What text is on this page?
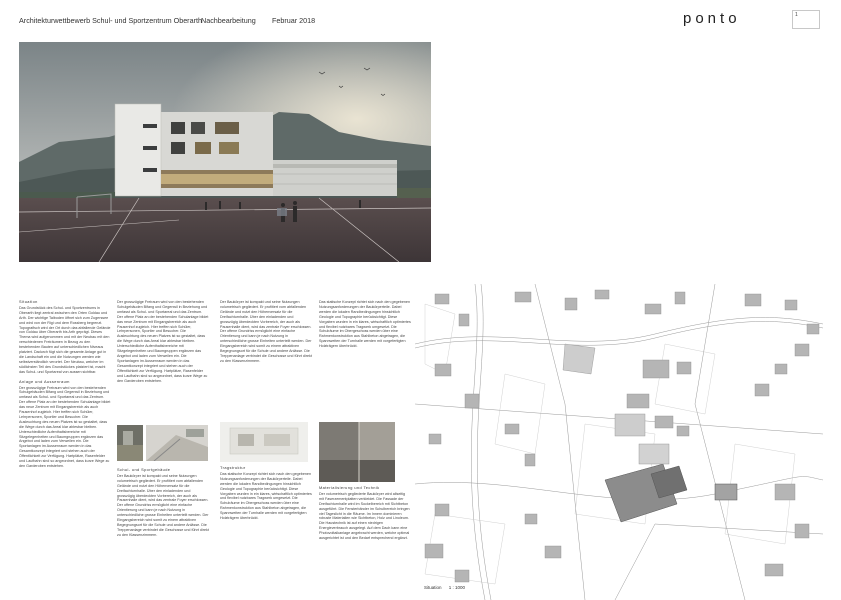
Architekturwettbewerb Schul- und Sportzentrum Oberarth Nachbearbeitung Februar 2018	ponto	1
Situation

Das Grundstück des Schul- und Sportzentrums in Oberarth liegt zentral zwischen den Orten Goldau und Arth. Der wichtige Talboden öffnet sich zum Zugerssee und wird von der Rigi und dem Rossberg begrenzt. Topografisch wird der Ort durch das abfallende Gelände von Goldau über Oberarth bis Arth geprägt. Dieses Thema wird aufgenommen und mit der Neubau mit den verschiedenen Freiräumen in Bezug zu den bestehenden Bauten auf unterschiedlichen Niveaus platziert. Dadurch fügt sich die gesamte Anlage gut in die Landschaft ein und die Nutzungen werden wie selbstverständlich verortet. Der Neubau, welcher im südlichsten Teil des Grundstückes platziert ist, macht das Schul- und Sportareal von aussen sichtbar.

Anlage und Aussenraum

Der grosszügige Freiraum wird von den bestehenden Schulgebäuden Bifang und Gegenwil in Beziehung und umfasst als Schul- und Sportareal und das Zentrum. Der offene Platz an der bestehenden Schulanlage bildet das neue Zentrum mit Eingangsbereich als auch Pausenhof zugleich. Hier treffen sich Schüler, Lehrpersonen, Sportler und Besucher. Die Ausleuchtung des neuen Platzes ist so gestaltet, dass die Wege durch das Areal klar ablesbar bleiben. Unterschiedliche Aufenthaltsbereiche mit Sitzgelegenheiten und Baumgruppen ergänzen das Angebot und laden zum Verweilen ein. Die Sportanlagen im Aussenraum werden in das Gesamtkonzept integriert und stehen auch der Öffentlichkeit zur Verfügung. Hartplätze, Rasenfelder und Laufbahn sind so angeordnet, dass kurze Wege zu den Garderoben entstehen.

Der grosszügige Freiraum wird von den bestehenden Schulgebäuden Bifang und Gegenwil in Beziehung und umfasst als Schul- und Sportareal und das Zentrum. Der offene Platz an der bestehenden Schulanlage bildet das neue Zentrum mit Eingangsbereich als auch Pausenhof zugleich. Hier treffen sich Schüler, Lehrpersonen, Sportler und Besucher. Die Ausleuchtung des neuen Platzes ist so gestaltet, dass die Wege durch das Areal klar ablesbar bleiben. Unterschiedliche Aufenthaltsbereiche mit Sitzgelegenheiten und Baumgruppen ergänzen das Angebot und laden zum Verweilen ein. Die Sportanlagen im Aussenraum werden in das Gesamtkonzept integriert und stehen auch der Öffentlichkeit zur Verfügung. Hartplätze, Rasenfelder und Laufbahn sind so angeordnet, dass kurze Wege zu den Garderoben entstehen.

Schul- und Sportgebäude

Der Baukörper ist kompakt und seine Nutzungen volumetrisch gegliedert. Er profitiert vom abfallenden Gelände und nutzt den Höhenversatz für die Dreifachturnhalle. Über den einladenden und grosszügig überdeckten Vorbereich, der auch als Pausenhalle dient, wird das zentrale Foyer erschlossen. Der offene Grundriss ermöglicht eine einfache Orientierung und kann je nach Nutzung in unterschiedliche grosse Einheiten unterteilt werden. Der Eingangsbereich wird somit zu einem attraktiven Begegnungsort für die Schule und andere Anlässe. Die Treppenanlage verbindet die Geschosse und führt direkt zu den Klassenzimmern.

Der Baukörper ist kompakt und seine Nutzungen volumetrisch gegliedert. Er profitiert vom abfallenden Gelände und nutzt den Höhenversatz für die Dreifachturnhalle. Über den einladenden und grosszügig überdeckten Vorbereich, der auch als Pausenhalle dient, wird das zentrale Foyer erschlossen. Der offene Grundriss ermöglicht eine einfache Orientierung und kann je nach Nutzung in unterschiedliche grosse Einheiten unterteilt werden. Der Eingangsbereich wird somit zu einem attraktiven Begegnungsort für die Schule und andere Anlässe. Die Treppenanlage verbindet die Geschosse und führt direkt zu den Klassenzimmern.

Tragstruktur

Das statische Konzept richtet sich nach den gegebenen Nutzungsanforderungen der Baukörperteile. Dabei werden die lokalen Randbedingungen hinsichtlich Geologie und Topographie berücksichtigt. Diese Vorgaben wurden in ein klares, wirtschaftlich optimiertes und flexibel nutzbares Tragwerk umgesetzt. Die Schulräume im Obergeschoss werden über eine Rahmenkonstruktion aus Stahlbeton abgetragen, die Spannweiten der Turnhalle werden mit vorgefertigten Holzträgern überbrückt.

Das statische Konzept richtet sich nach den gegebenen Nutzungsanforderungen der Baukörperteile. Dabei werden die lokalen Randbedingungen hinsichtlich Geologie und Topographie berücksichtigt. Diese Vorgaben wurden in ein klares, wirtschaftlich optimiertes und flexibel nutzbares Tragwerk umgesetzt. Die Schulräume im Obergeschoss werden über eine Rahmenkonstruktion aus Stahlbeton abgetragen, die Spannweiten der Turnhalle werden mit vorgefertigten Holzträgern überbrückt.

Materialisierung und Technik

Der volumetrisch gegliederte Baukörper wird allseitig mit Faserzementplatten verkleidet. Die Fassade der Dreifachturnhalle wird im Sockelbereich mit Sichtbeton ausgeführt. Die Fensterbänder im Schulbereich bringen viel Tageslicht in die Räume. Im Innern dominieren robuste Materialien wie Sichtbeton, Holz und Linoleum. Die Haustechnik ist auf einen niedrigen Energieverbrauch ausgelegt. Auf dem Dach kann eine Photovoltaikanlage angebracht werden, welche optimal ausgerichtet ist und den Bedarf entsprechend ergänzt.

Situation 1 : 1000
